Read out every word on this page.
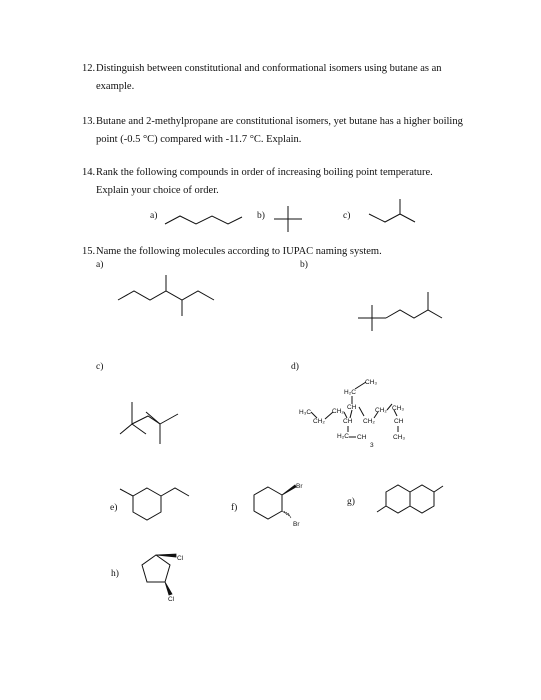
12.Distinguish between constitutional and conformational isomers using butane as an
example.
13.Butane and 2-methylpropane are constitutional isomers, yet butane has a higher boiling
point (-0.5 °C) compared with -11.7 °C. Explain.
14.Rank the following compounds in order of increasing boiling point temperature.
Explain your choice of order.
15.Name the following molecules according to IUPAC naming system.
a)	b)	c)
a)	b)
c)	d)
e)	f)
g)
h)
CH₃
H₂C
H₃C
CH₂
CH₂
CH
CH
CH₂
CH₂ CH₃
CH
CH₃
H₂C CH
3
Br
Br
Cl
Cl
